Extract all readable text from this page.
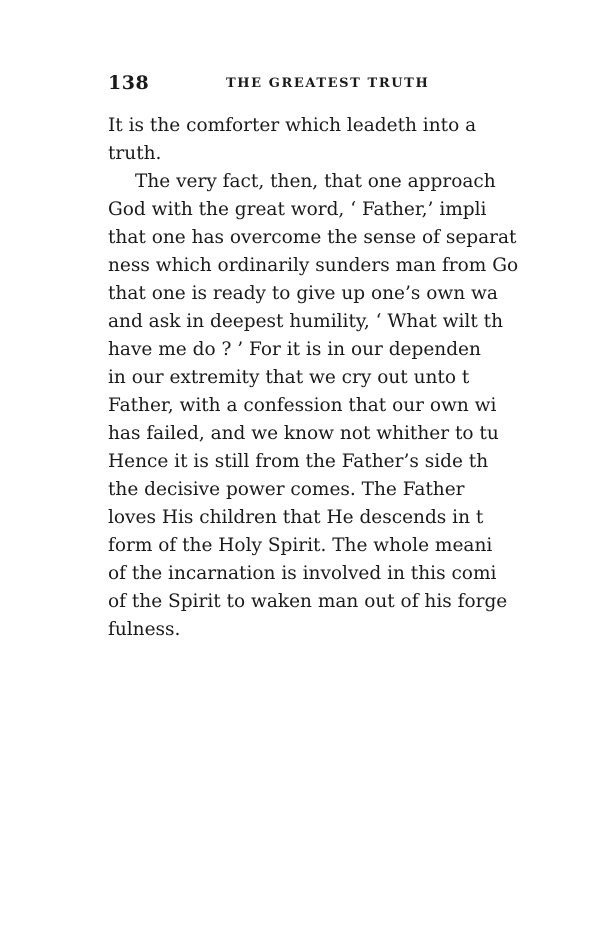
138	THE GREATEST TRUTH
It is the comforter which leadeth into a
truth.
The very fact, then, that one approach
God with the great word, ‘ Father,’ impli
that one has overcome the sense of separat
ness which ordinarily sunders man from Go
that one is ready to give up one’s own wa
and ask in deepest humility, ‘ What wilt th
have me do ? ’ For it is in our dependen
in our extremity that we cry out unto t
Father, with a confession that our own wi
has failed, and we know not whither to tu
Hence it is still from the Father’s side th
the decisive power comes. The Father
loves His children that He descends in t
form of the Holy Spirit. The whole meani
of the incarnation is involved in this comi
of the Spirit to waken man out of his forge
fulness.
